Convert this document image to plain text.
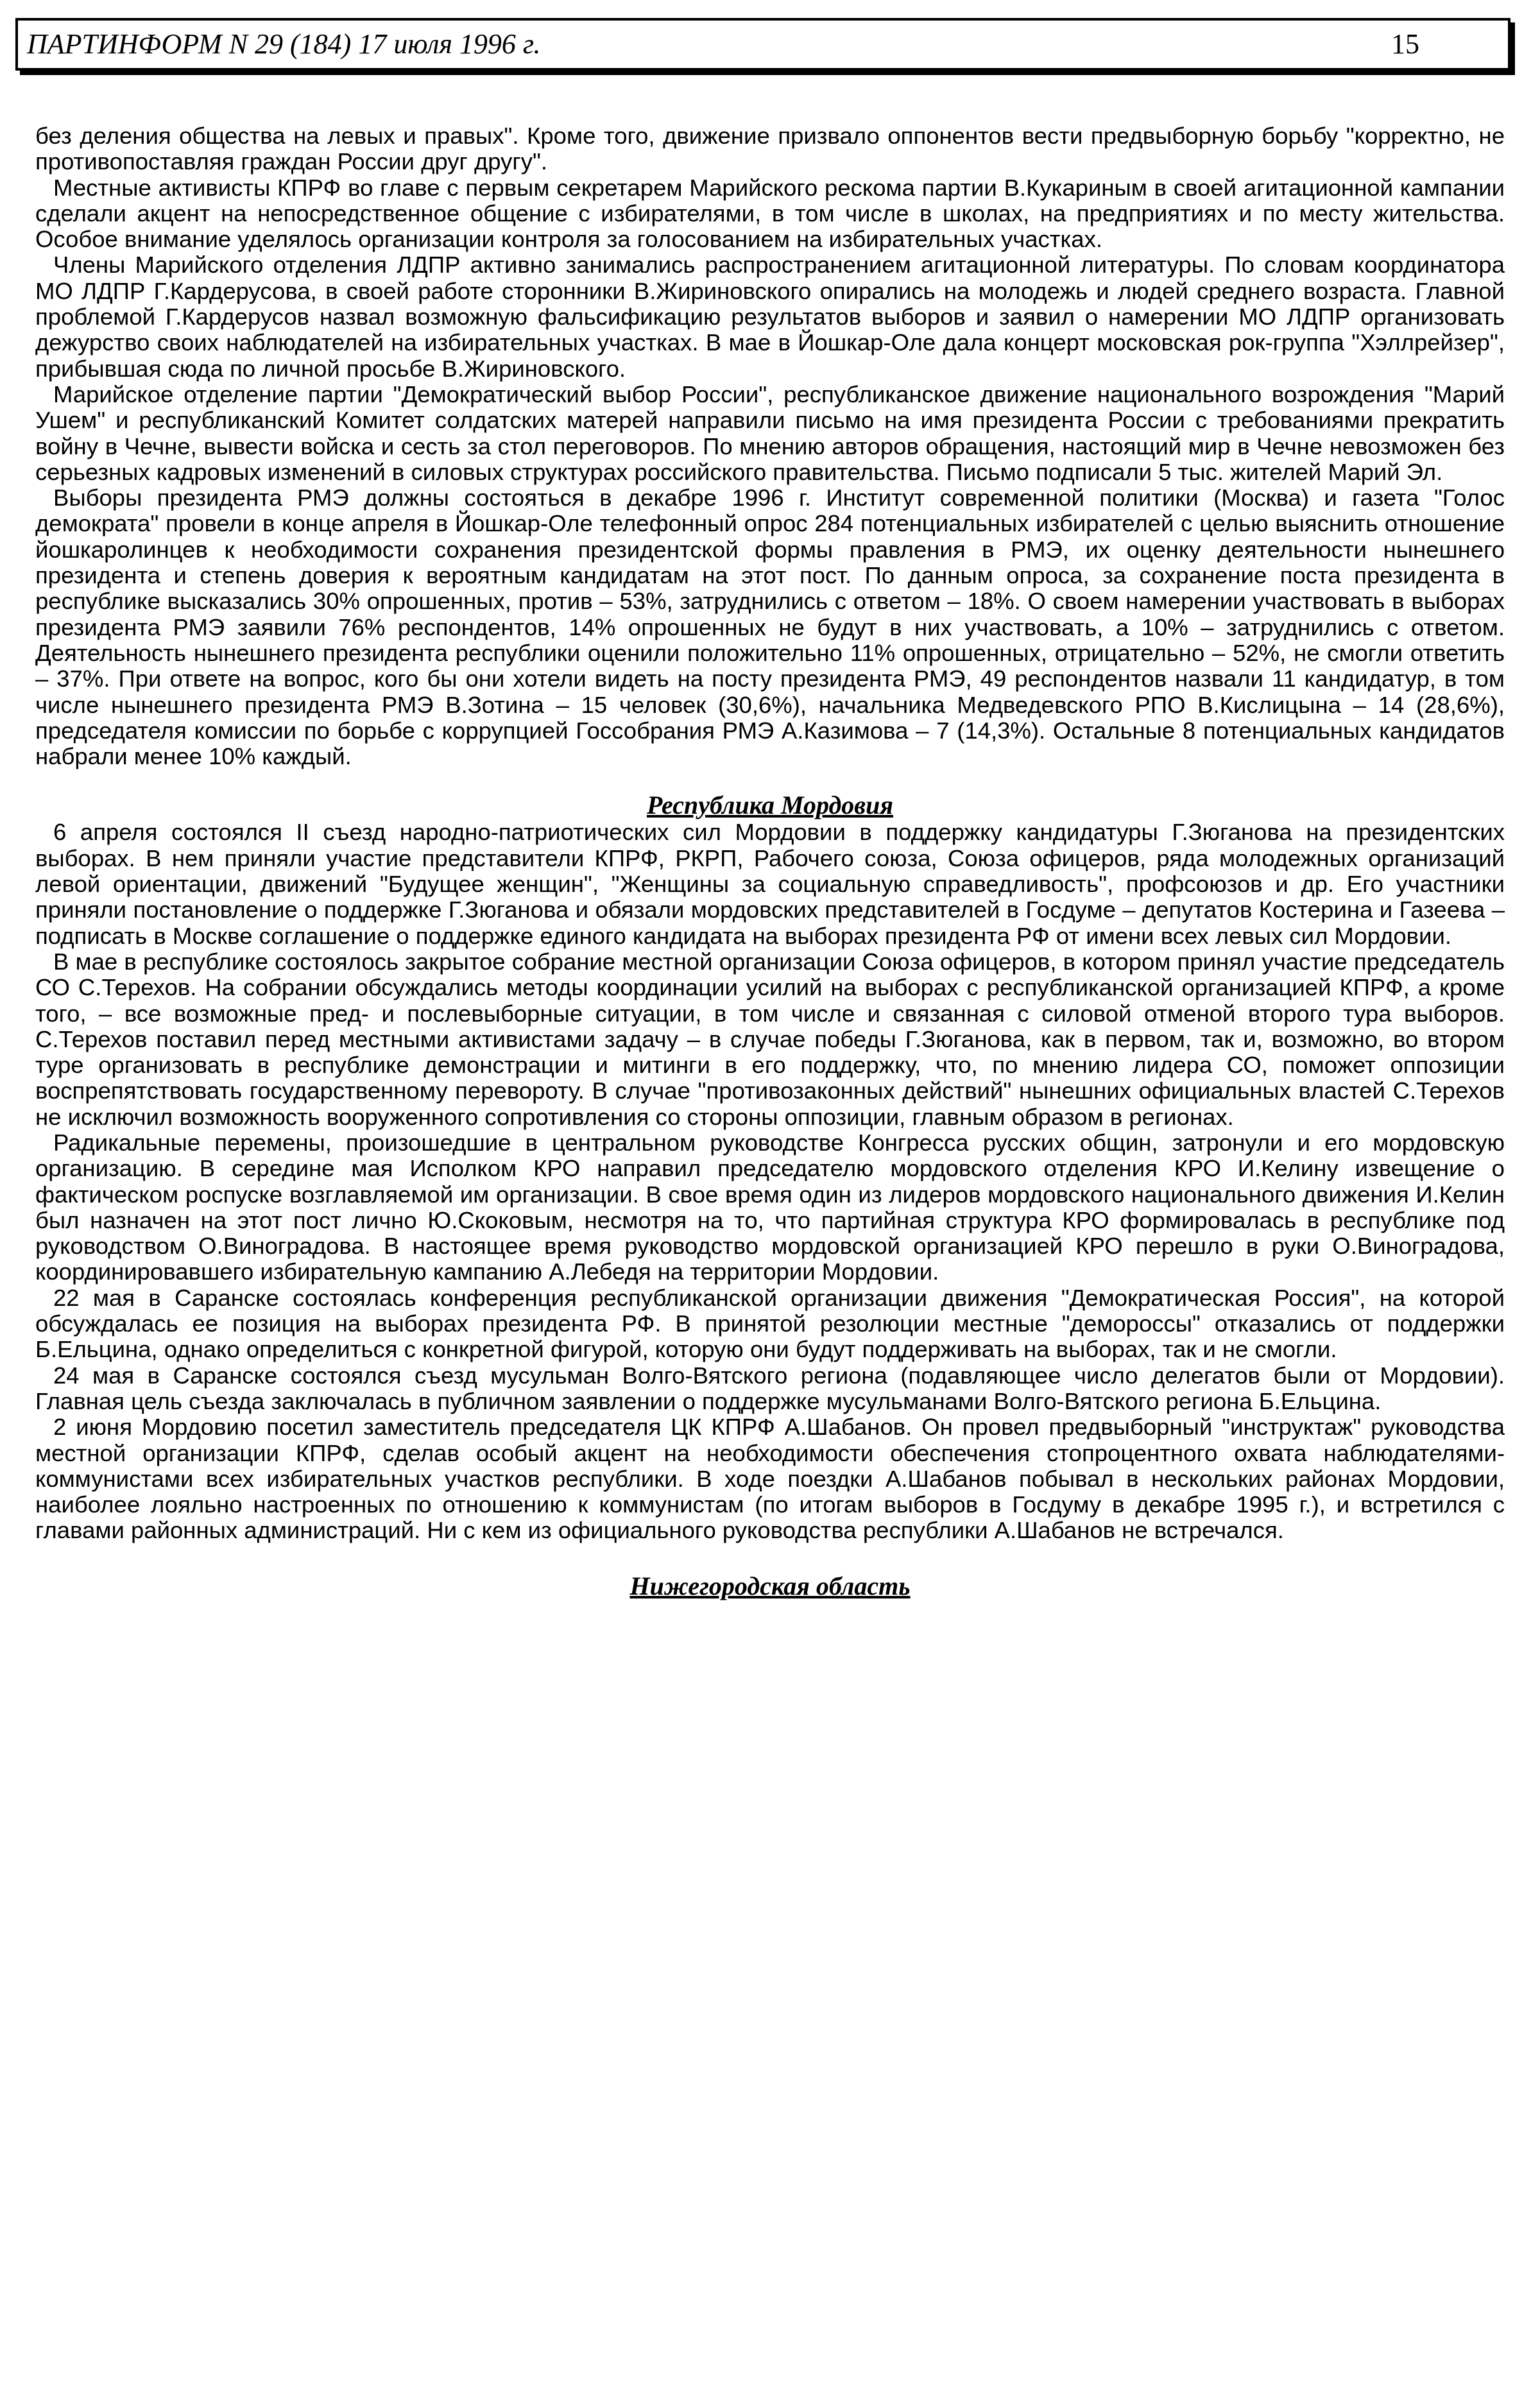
ПАРТИНФОРМ N 29 (184) 17 июля 1996 г.	15

без деления общества на левых и правых". Кроме того, движение призвало оппонентов вести предвыборную борьбу "корректно, не противопоставляя граждан России друг другу".

Местные активисты КПРФ во главе с первым секретарем Марийского рескома партии В.Кукариным в своей агитационной кампании сделали акцент на непосредственное общение с избирателями, в том числе в школах, на предприятиях и по месту жительства. Особое внимание уделялось организации контроля за голосованием на избирательных участках.

Члены Марийского отделения ЛДПР активно занимались распространением агитационной литературы. По словам координатора МО ЛДПР Г.Кардерусова, в своей работе сторонники В.Жириновского опирались на молодежь и людей среднего возраста. Главной проблемой Г.Кардерусов назвал возможную фальсификацию результатов выборов и заявил о намерении МО ЛДПР организовать дежурство своих наблюдателей на избирательных участках. В мае в Йошкар-Оле дала концерт московская рок-группа "Хэллрейзер", прибывшая сюда по личной просьбе В.Жириновского.

Марийское отделение партии "Демократический выбор России", республиканское движение национального возрождения "Марий Ушем" и республиканский Комитет солдатских матерей направили письмо на имя президента России с требованиями прекратить войну в Чечне, вывести войска и сесть за стол переговоров. По мнению авторов обращения, настоящий мир в Чечне невозможен без серьезных кадровых изменений в силовых структурах российского правительства. Письмо подписали 5 тыс. жителей Марий Эл.

Выборы президента РМЭ должны состояться в декабре 1996 г. Институт современной политики (Москва) и газета "Голос демократа" провели в конце апреля в Йошкар-Оле телефонный опрос 284 потенциальных избирателей с целью выяснить отношение йошкаролинцев к необходимости сохранения президентской формы правления в РМЭ, их оценку деятельности нынешнего президента и степень доверия к вероятным кандидатам на этот пост. По данным опроса, за сохранение поста президента в республике высказались 30% опрошенных, против – 53%, затруднились с ответом – 18%. О своем намерении участвовать в выборах президента РМЭ заявили 76% респондентов, 14% опрошенных не будут в них участвовать, а 10% – затруднились с ответом. Деятельность нынешнего президента республики оценили положительно 11% опрошенных, отрицательно – 52%, не смогли ответить – 37%. При ответе на вопрос, кого бы они хотели видеть на посту президента РМЭ, 49 респондентов назвали 11 кандидатур, в том числе нынешнего президента РМЭ В.Зотина – 15 человек (30,6%), начальника Медведевского РПО В.Кислицына – 14 (28,6%), председателя комиссии по борьбе с коррупцией Госсобрания РМЭ А.Казимова – 7 (14,3%). Остальные 8 потенциальных кандидатов набрали менее 10% каждый.

Республика Мордовия

6 апреля состоялся II съезд народно-патриотических сил Мордовии в поддержку кандидатуры Г.Зюганова на президентских выборах. В нем приняли участие представители КПРФ, РКРП, Рабочего союза, Союза офицеров, ряда молодежных организаций левой ориентации, движений "Будущее женщин", "Женщины за социальную справедливость", профсоюзов и др. Его участники приняли постановление о поддержке Г.Зюганова и обязали мордовских представителей в Госдуме – депутатов Костерина и Газеева – подписать в Москве соглашение о поддержке единого кандидата на выборах президента РФ от имени всех левых сил Мордовии.

В мае в республике состоялось закрытое собрание местной организации Союза офицеров, в котором принял участие председатель СО С.Терехов. На собрании обсуждались методы координации усилий на выборах с республиканской организацией КПРФ, а кроме того, – все возможные пред- и послевыборные ситуации, в том числе и связанная с силовой отменой второго тура выборов. С.Терехов поставил перед местными активистами задачу – в случае победы Г.Зюганова, как в первом, так и, возможно, во втором туре организовать в республике демонстрации и митинги в его поддержку, что, по мнению лидера СО, поможет оппозиции воспрепятствовать государственному перевороту. В случае "противозаконных действий" нынешних официальных властей С.Терехов не исключил возможность вооруженного сопротивления со стороны оппозиции, главным образом в регионах.

Радикальные перемены, произошедшие в центральном руководстве Конгресса русских общин, затронули и его мордовскую организацию. В середине мая Исполком КРО направил председателю мордовского отделения КРО И.Келину извещение о фактическом роспуске возглавляемой им организации. В свое время один из лидеров мордовского национального движения И.Келин был назначен на этот пост лично Ю.Скоковым, несмотря на то, что партийная структура КРО формировалась в республике под руководством О.Виноградова. В настоящее время руководство мордовской организацией КРО перешло в руки О.Виноградова, координировавшего избирательную кампанию А.Лебедя на территории Мордовии.

22 мая в Саранске состоялась конференция республиканской организации движения "Демократическая Россия", на которой обсуждалась ее позиция на выборах президента РФ. В принятой резолюции местные "демороссы" отказались от поддержки Б.Ельцина, однако определиться с конкретной фигурой, которую они будут поддерживать на выборах, так и не смогли.

24 мая в Саранске состоялся съезд мусульман Волго-Вятского региона (подавляющее число делегатов были от Мордовии). Главная цель съезда заключалась в публичном заявлении о поддержке мусульманами Волго-Вятского региона Б.Ельцина.

2 июня Мордовию посетил заместитель председателя ЦК КПРФ А.Шабанов. Он провел предвыборный "инструктаж" руководства местной организации КПРФ, сделав особый акцент на необходимости обеспечения стопроцентного охвата наблюдателями-коммунистами всех избирательных участков республики. В ходе поездки А.Шабанов побывал в нескольких районах Мордовии, наиболее лояльно настроенных по отношению к коммунистам (по итогам выборов в Госдуму в декабре 1995 г.), и встретился с главами районных администраций. Ни с кем из официального руководства республики А.Шабанов не встречался.

Нижегородская область
